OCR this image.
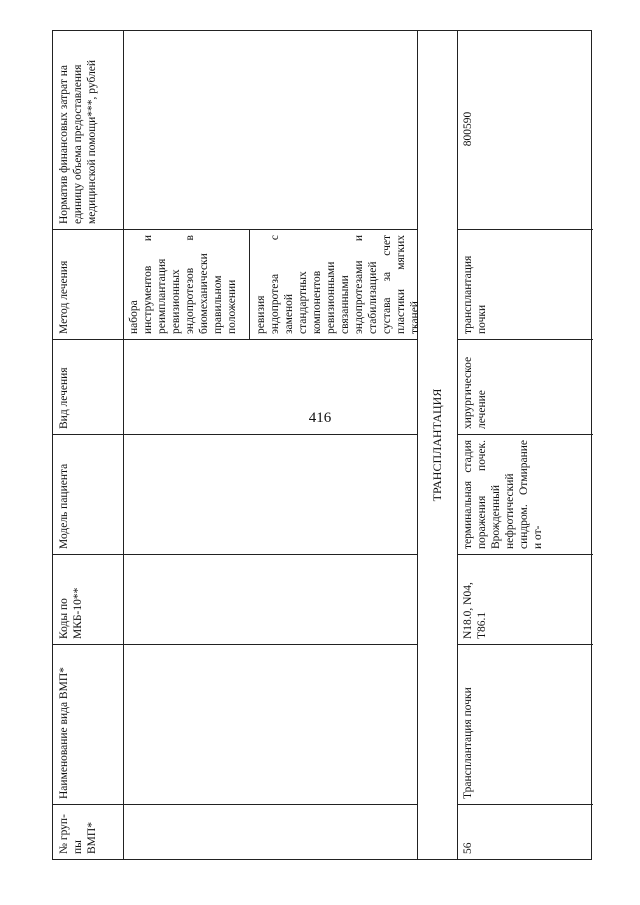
416
№ груп-пы ВМП*
Наименование вида ВМП*
Коды по МКБ-10**
Модель пациента
Вид лечения
Метод лечения
Норматив финансовых затрат на единицу объема предоставления медицинской помощи***, рублей
набора инструментов и реимплантация ревизионных эндопротезов в биомеханически правильном положении	ревизия эндопротеза с заменой стандартных компонентов ревизионными связанными эндопротезами и стабилизацией сустава за счет пластики мягких тканей
ТРАНСПЛАНТАЦИЯ
56
Трансплантация почки
N18.0, N04, T86.1
терминальная стадия поражения почек. Врожденный нефротический синдром. Отмирание и от-
хирургическое лечение
трансплантация почки
800590
